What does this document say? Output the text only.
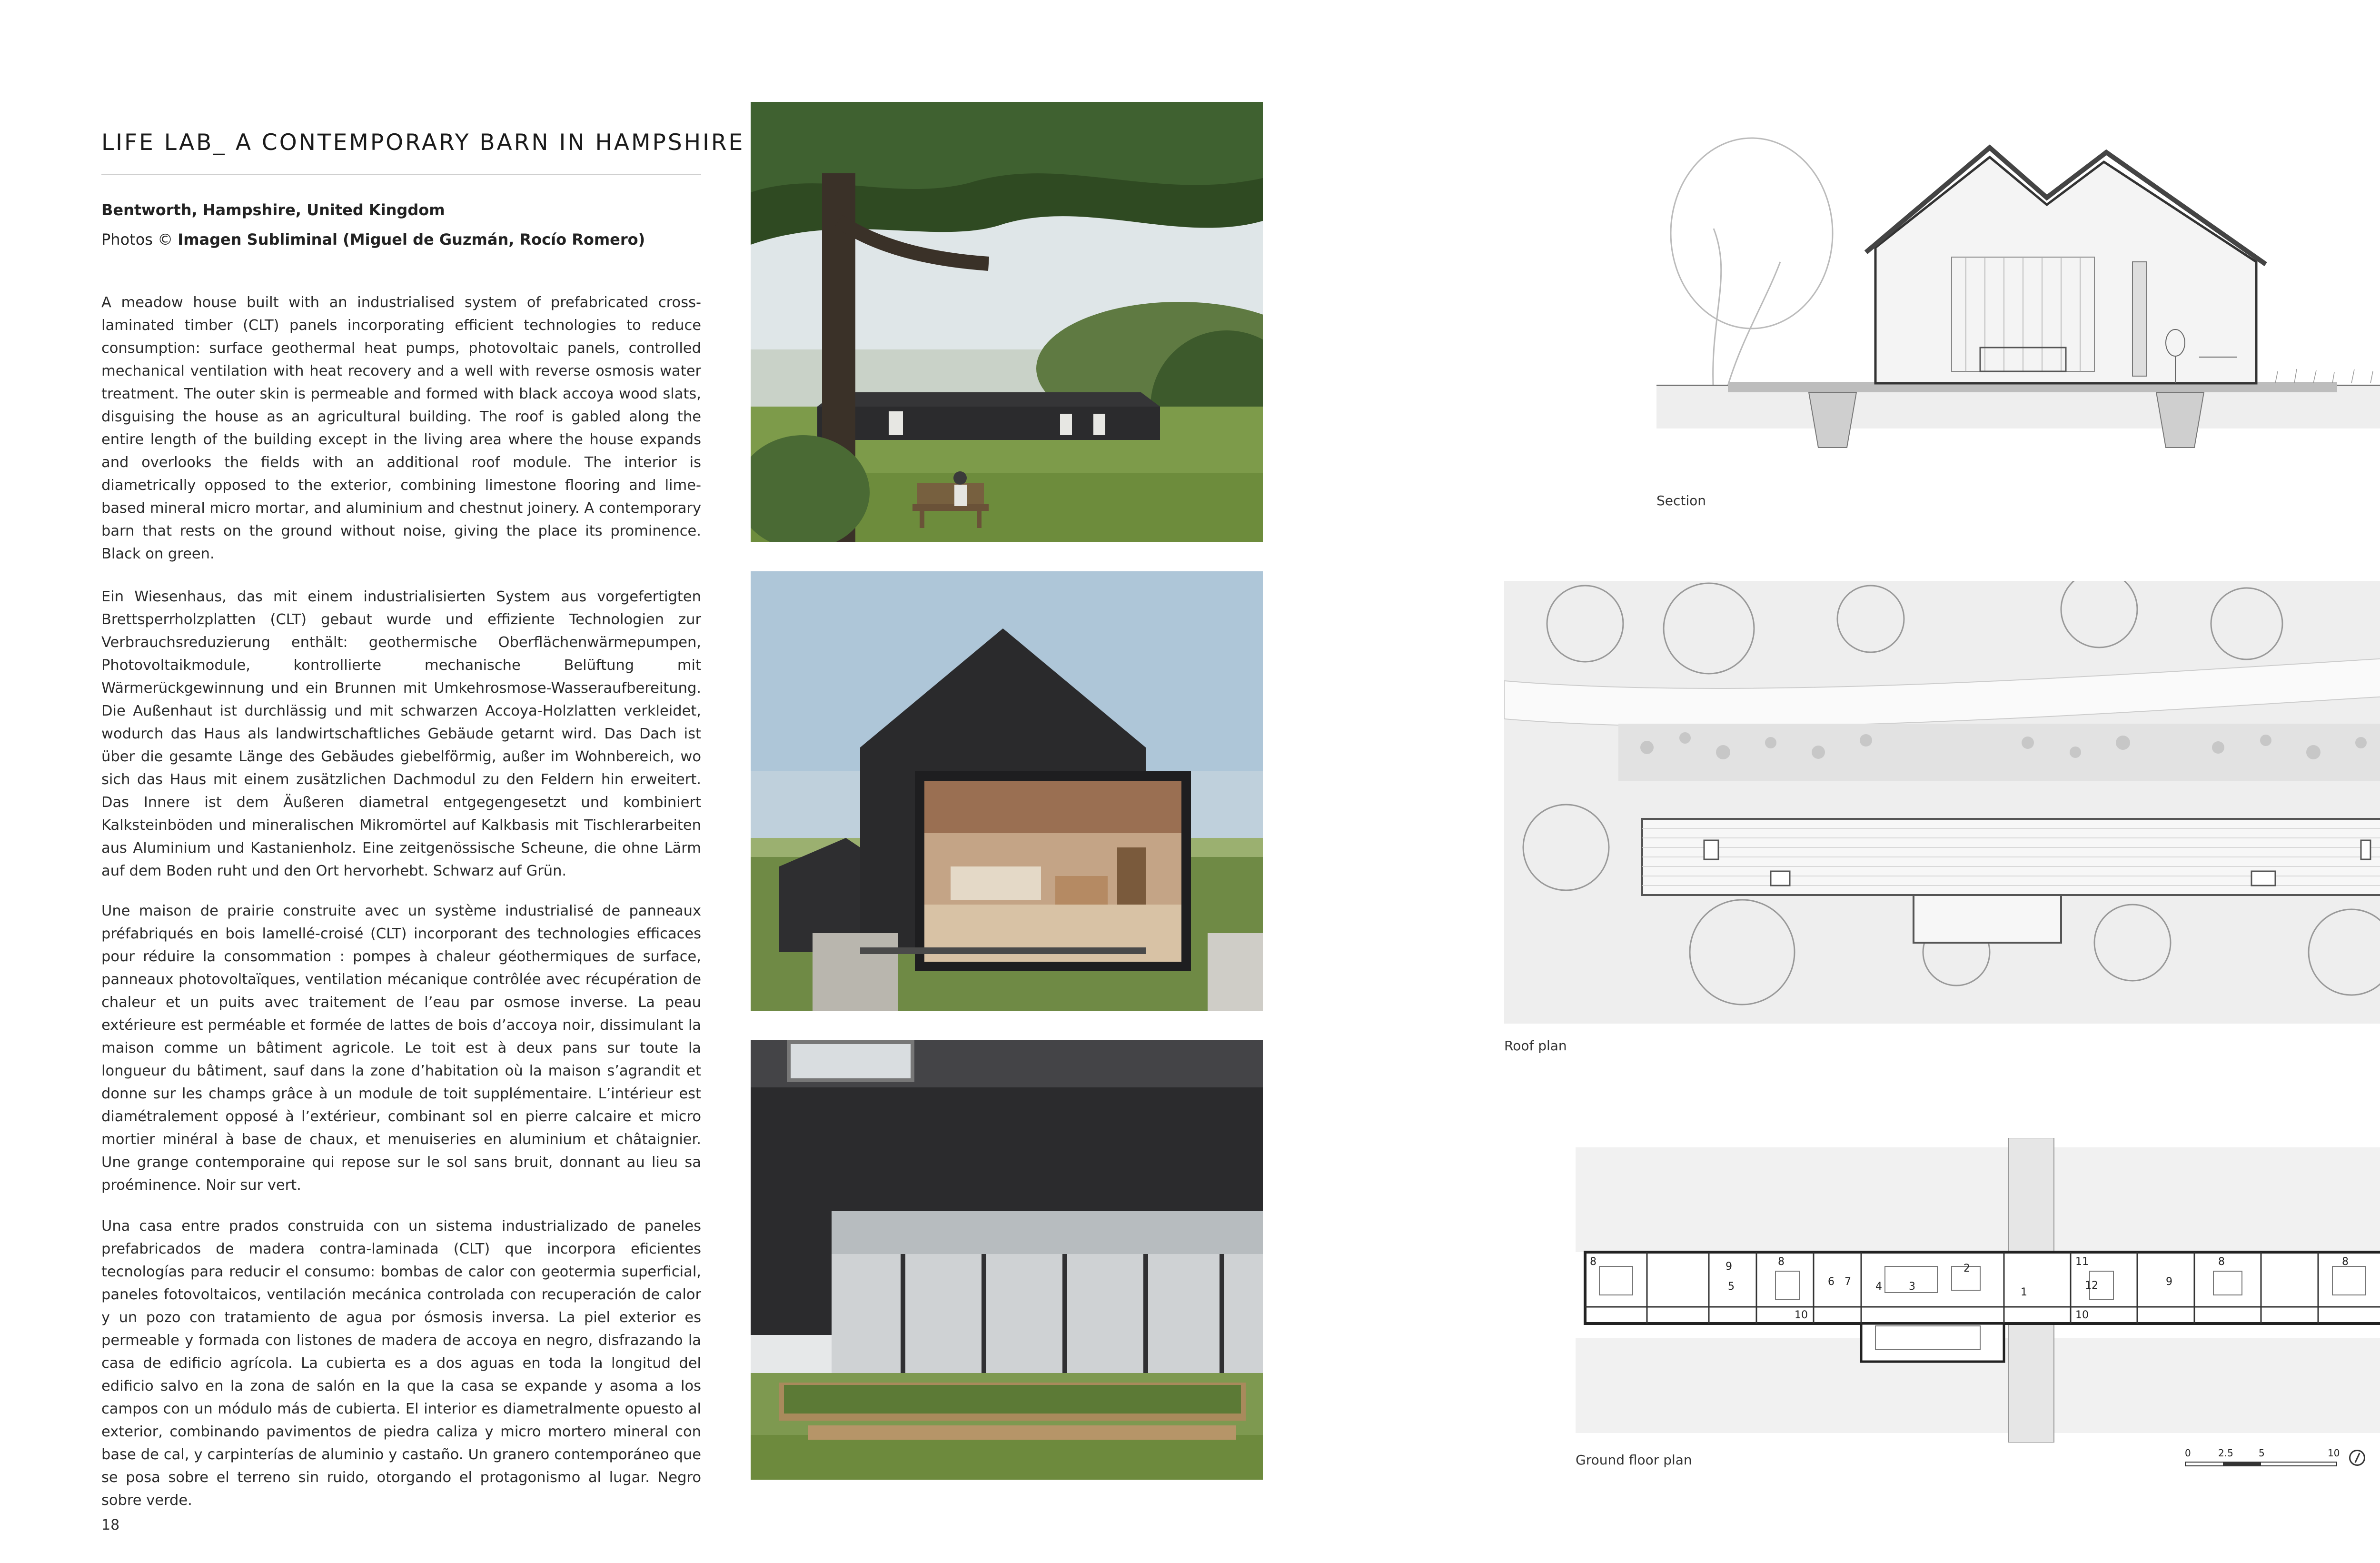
LIFE LAB_ A CONTEMPORARY BARN IN HAMPSHIRE
Bentworth, Hampshire, United Kingdom
Photos © Imagen Subliminal (Miguel de Guzmán, Rocío Romero)
A meadow house built with an industrialised system of prefabricated cross-laminated timber (CLT) panels incorporating efficient technologies to reduce consumption: surface geothermal heat pumps, photovoltaic panels, controlled mechanical ventilation with heat recovery and a well with reverse osmosis water treatment. The outer skin is permeable and formed with black accoya wood slats, disguising the house as an agricultural building. The roof is gabled along the entire length of the building except in the living area where the house expands and overlooks the fields with an additional roof module. The interior is diametrically opposed to the exterior, combining limestone flooring and lime-based mineral micro mortar, and aluminium and chestnut joinery. A contemporary barn that rests on the ground without noise, giving the place its prominence. Black on green.
Ein Wiesenhaus, das mit einem industrialisierten System aus vorgefertigten Brettsperrholzplatten (CLT) gebaut wurde und effiziente Technologien zur Verbrauchsreduzierung enthält: geothermische Oberflächenwärmepumpen, Photovoltaikmodule, kontrollierte mechanische Belüftung mit Wärmerückgewinnung und ein Brunnen mit Umkehrosmose-Wasseraufbereitung. Die Außenhaut ist durchlässig und mit schwarzen Accoya-Holzlatten verkleidet, wodurch das Haus als landwirtschaftliches Gebäude getarnt wird. Das Dach ist über die gesamte Länge des Gebäudes giebelförmig, außer im Wohnbereich, wo sich das Haus mit einem zusätzlichen Dachmodul zu den Feldern hin erweitert. Das Innere ist dem Äußeren diametral entgegengesetzt und kombiniert Kalksteinböden und mineralischen Mikromörtel auf Kalkbasis mit Tischlerarbeiten aus Aluminium und Kastanienholz. Eine zeitgenössische Scheune, die ohne Lärm auf dem Boden ruht und den Ort hervorhebt. Schwarz auf Grün.
Une maison de prairie construite avec un système industrialisé de panneaux préfabriqués en bois lamellé-croisé (CLT) incorporant des technologies efficaces pour réduire la consommation : pompes à chaleur géothermiques de surface, panneaux photovoltaïques, ventilation mécanique contrôlée avec récupération de chaleur et un puits avec traitement de l’eau par osmose inverse. La peau extérieure est perméable et formée de lattes de bois d’accoya noir, dissimulant la maison comme un bâtiment agricole. Le toit est à deux pans sur toute la longueur du bâtiment, sauf dans la zone d’habitation où la maison s’agrandit et donne sur les champs grâce à un module de toit supplémentaire. L’intérieur est diamétralement opposé à l’extérieur, combinant sol en pierre calcaire et micro mortier minéral à base de chaux, et menuiseries en aluminium et châtaignier. Une grange contemporaine qui repose sur le sol sans bruit, donnant au lieu sa proéminence. Noir sur vert.
Una casa entre prados construida con un sistema industrializado de paneles prefabricados de madera contra-laminada (CLT) que incorpora eficientes tecnologías para reducir el consumo: bombas de calor con geotermia superficial, paneles fotovoltaicos, ventilación mecánica controlada con recuperación de calor y un pozo con tratamiento de agua por ósmosis inversa. La piel exterior es permeable y formada con listones de madera de accoya en negro, disfrazando la casa de edificio agrícola. La cubierta es a dos aguas en toda la longitud del edificio salvo en la zona de salón en la que la casa se expande y asoma a los campos con un módulo más de cubierta. El interior es diametralmente opuesto al exterior, combinando pavimentos de piedra caliza y micro mortero mineral con base de cal, y carpinterías de aluminio y castaño. Un granero contemporáneo que se posa sobre el terreno sin ruido, otorgando el protagonismo al lugar. Negro sobre verde.
18
Section
Roof plan
8	9	8
6 7
10
4	3
2
1
11
12
10
9
8	8
5
Ground floor plan	0	2.5	5	10
